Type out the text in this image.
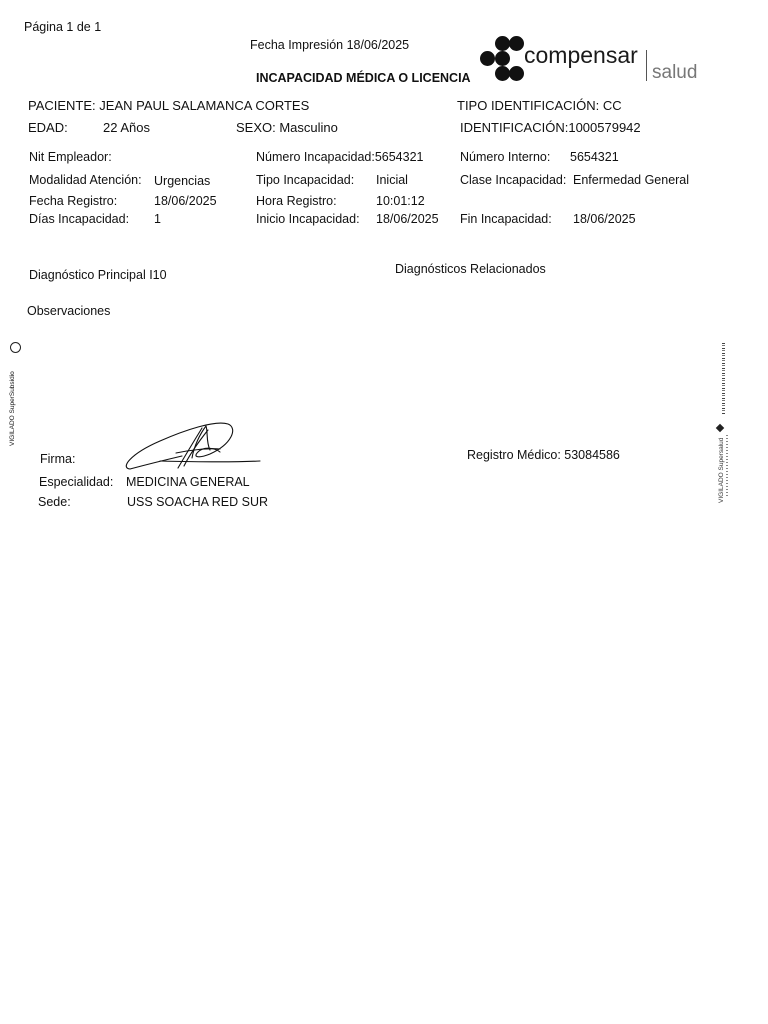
Página 1 de 1
Fecha Impresión 18/06/2025
INCAPACIDAD MÉDICA O LICENCIA
compensar
salud
PACIENTE: JEAN PAUL SALAMANCA CORTES	TIPO IDENTIFICACIÓN: CC
EDAD:	22 Años	SEXO: Masculino	IDENTIFICACIÓN:1000579942
Nit Empleador:	Número Incapacidad:5654321	Número Interno: 5654321
Modalidad Atención: Urgencias	Tipo Incapacidad: Inicial	Clase Incapacidad: Enfermedad General
Fecha Registro:	18/06/2025	Hora Registro:	10:01:12
Días Incapacidad: 1	Inicio Incapacidad: 18/06/2025 Fin Incapacidad: 18/06/2025
Diagnóstico Principal I10	Diagnósticos Relacionados
Observaciones
Firma:	Registro Médico: 53084586
Especialidad: MEDICINA GENERAL
Sede:	USS SOACHA RED SUR
VIGILADO SuperSubsidio
VIGILADO Supersalud
